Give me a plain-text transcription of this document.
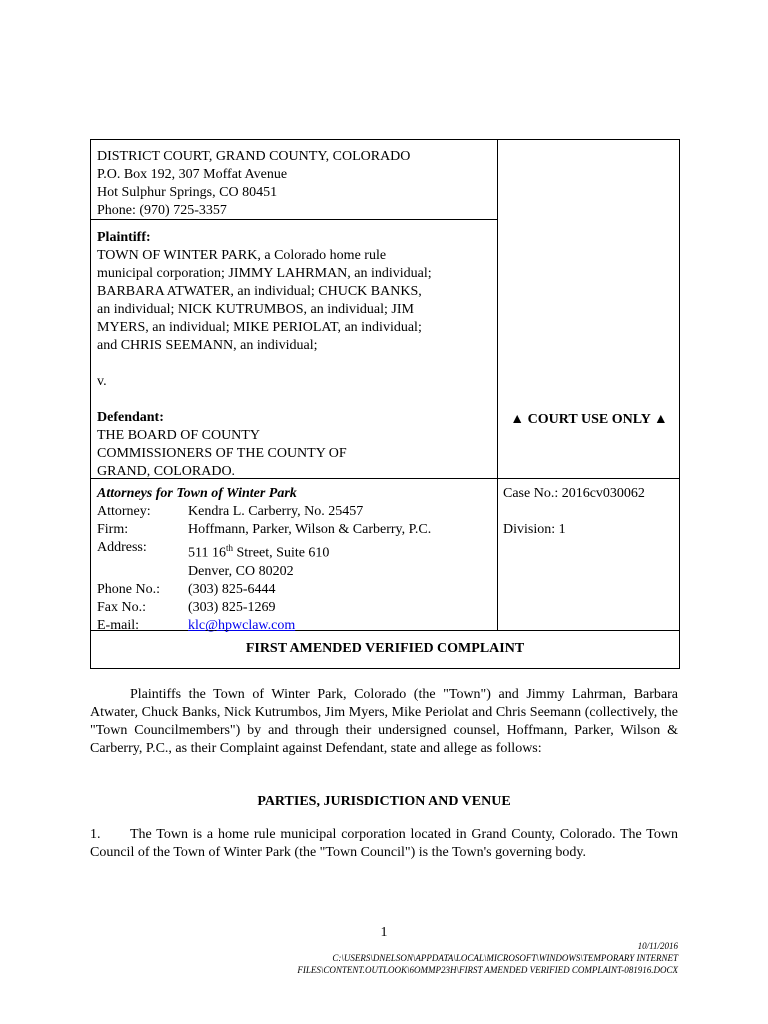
DISTRICT COURT, GRAND COUNTY, COLORADO
P.O. Box 192, 307 Moffat Avenue
Hot Sulphur Springs, CO 80451
Phone: (970) 725-3357
Plaintiff:
TOWN OF WINTER PARK, a Colorado home rule
municipal corporation; JIMMY LAHRMAN, an individual;
BARBARA ATWATER, an individual; CHUCK BANKS,
an individual; NICK KUTRUMBOS, an individual; JIM
MYERS, an individual; MIKE PERIOLAT, an individual;
and CHRIS SEEMANN, an individual;
v.
Defendant:
THE BOARD OF COUNTY
COMMISSIONERS OF THE COUNTY OF
GRAND, COLORADO.
▲ COURT USE ONLY ▲
Attorneys for Town of Winter Park
Attorney:	Kendra L. Carberry, No. 25457
Firm:	Hoffmann, Parker, Wilson & Carberry, P.C.
Address:	511 16th Street, Suite 610
Denver, CO 80202
Phone No.:	(303) 825-6444
Fax No.:	(303) 825-1269
E-mail:	klc@hpwclaw.com
Case No.: 2016cv030062
Division: 1
FIRST AMENDED VERIFIED COMPLAINT

Plaintiffs the Town of Winter Park, Colorado (the "Town") and Jimmy Lahrman, Barbara Atwater, Chuck Banks, Nick Kutrumbos, Jim Myers, Mike Periolat and Chris Seemann (collectively, the "Town Councilmembers") by and through their undersigned counsel, Hoffmann, Parker, Wilson & Carberry, P.C., as their Complaint against Defendant, state and allege as follows:

PARTIES, JURISDICTION AND VENUE

1. The Town is a home rule municipal corporation located in Grand County, Colorado. The Town Council of the Town of Winter Park (the "Town Council") is the Town's governing body.

1
10/11/2016
C:\USERS\DNELSON\APPDATA\LOCAL\MICROSOFT\WINDOWS\TEMPORARY INTERNET
FILES\CONTENT.OUTLOOK\6OMMP23H\FIRST AMENDED VERIFIED COMPLAINT-081916.DOCX
